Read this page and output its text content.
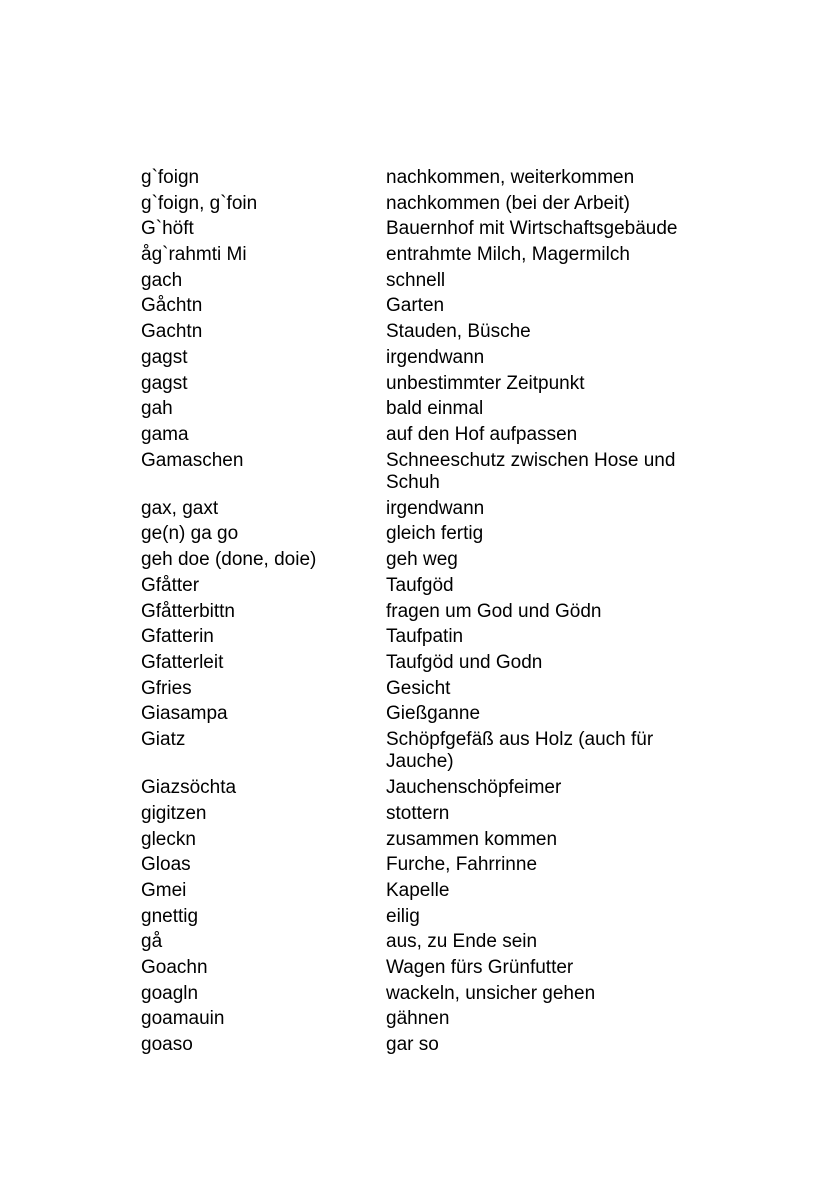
g`foign	nachkommen, weiterkommen
g`foign, g`foin	nachkommen (bei der Arbeit)
G`höft	Bauernhof mit Wirtschaftsgebäude
åg`rahmti Mi	entrahmte Milch, Magermilch
gach	schnell
Gåchtn	Garten
Gachtn	Stauden, Büsche
gagst	irgendwann
gagst	unbestimmter Zeitpunkt
gah	bald einmal
gama	auf den Hof aufpassen
Gamaschen	Schneeschutz zwischen Hose und Schuh
gax, gaxt	irgendwann
ge(n) ga go	gleich fertig
geh doe (done, doie)	geh weg
Gfåtter	Taufgöd
Gfåtterbittn	fragen um God und Gödn
Gfatterin	Taufpatin
Gfatterleit	Taufgöd und Godn
Gfries	Gesicht
Giasampa	Gießganne
Giatz	Schöpfgefäß aus Holz (auch für Jauche)
Giazsöchta	Jauchenschöpfeimer
gigitzen	stottern
gleckn	zusammen kommen
Gloas	Furche, Fahrrinne
Gmei	Kapelle
gnettig	eilig
gå	aus, zu Ende sein
Goachn	Wagen fürs Grünfutter
goagln	wackeln, unsicher gehen
goamauin	gähnen
goaso	gar so
